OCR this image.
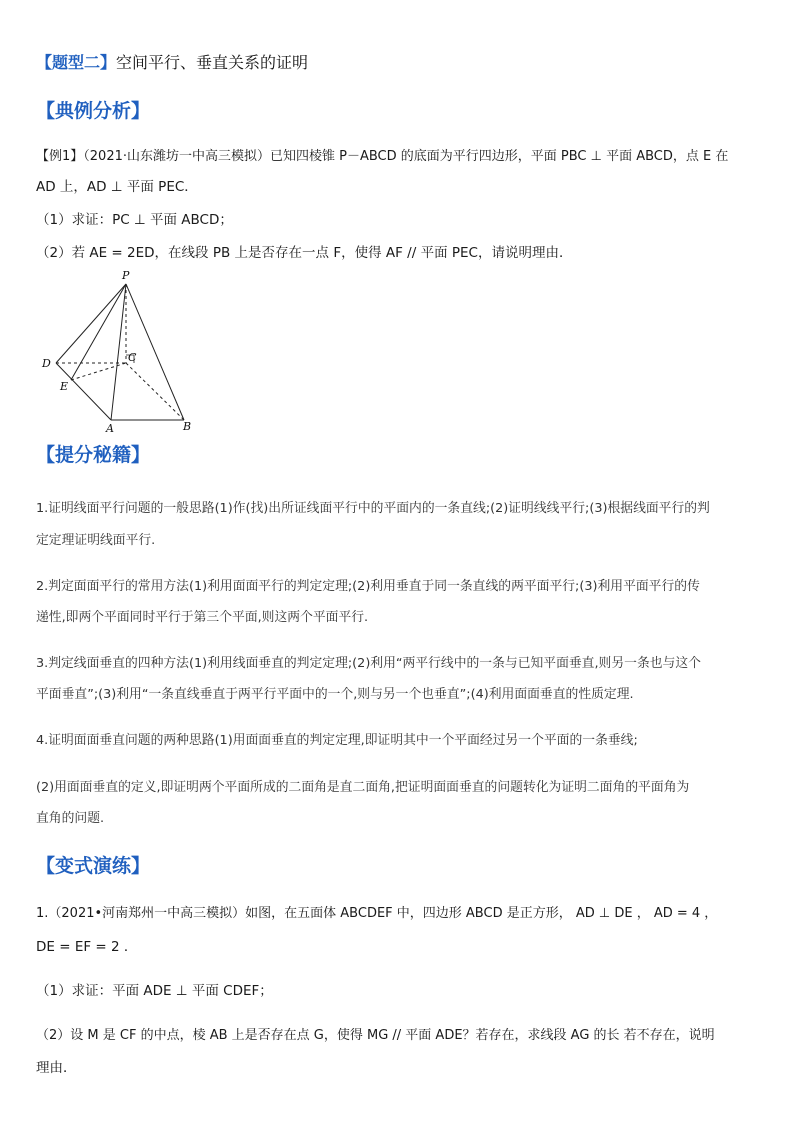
【题型二】空间平行、垂直关系的证明
【典例分析】
【例1】（2021·山东潍坊一中高三模拟）已知四棱锥 P－ABCD 的底面为平行四边形，平面 PBC ⊥ 平面 ABCD，点 E 在
AD 上，AD ⊥ 平面 PEC．
（1）求证：PC ⊥ 平面 ABCD；
（2）若 AE = 2ED，在线段 PB 上是否存在一点 F，使得 AF // 平面 PEC，请说明理由．
P
D	C
E
A	B
【提分秘籍】
1.证明线面平行问题的一般思路(1)作(找)出所证线面平行中的平面内的一条直线;(2)证明线线平行;(3)根据线面平行的判
定定理证明线面平行.
2.判定面面平行的常用方法(1)利用面面平行的判定定理;(2)利用垂直于同一条直线的两平面平行;(3)利用平面平行的传
递性,即两个平面同时平行于第三个平面,则这两个平面平行.
3.判定线面垂直的四种方法(1)利用线面垂直的判定定理;(2)利用“两平行线中的一条与已知平面垂直,则另一条也与这个
平面垂直”;(3)利用“一条直线垂直于两平行平面中的一个,则与另一个也垂直”;(4)利用面面垂直的性质定理.
4.证明面面垂直问题的两种思路(1)用面面垂直的判定定理,即证明其中一个平面经过另一个平面的一条垂线;
(2)用面面垂直的定义,即证明两个平面所成的二面角是直二面角,把证明面面垂直的问题转化为证明二面角的平面角为
直角的问题.
【变式演练】
1.（2021•河南郑州一中高三模拟）如图，在五面体 ABCDEF 中，四边形 ABCD 是正方形， AD ⊥ DE ， AD = 4 ，
DE = EF = 2 ．
（1）求证：平面 ADE ⊥ 平面 CDEF；
（2）设 M 是 CF 的中点，棱 AB 上是否存在点 G，使得 MG // 平面 ADE？若存在，求线段 AG 的长 若不存在，说明
理由．
